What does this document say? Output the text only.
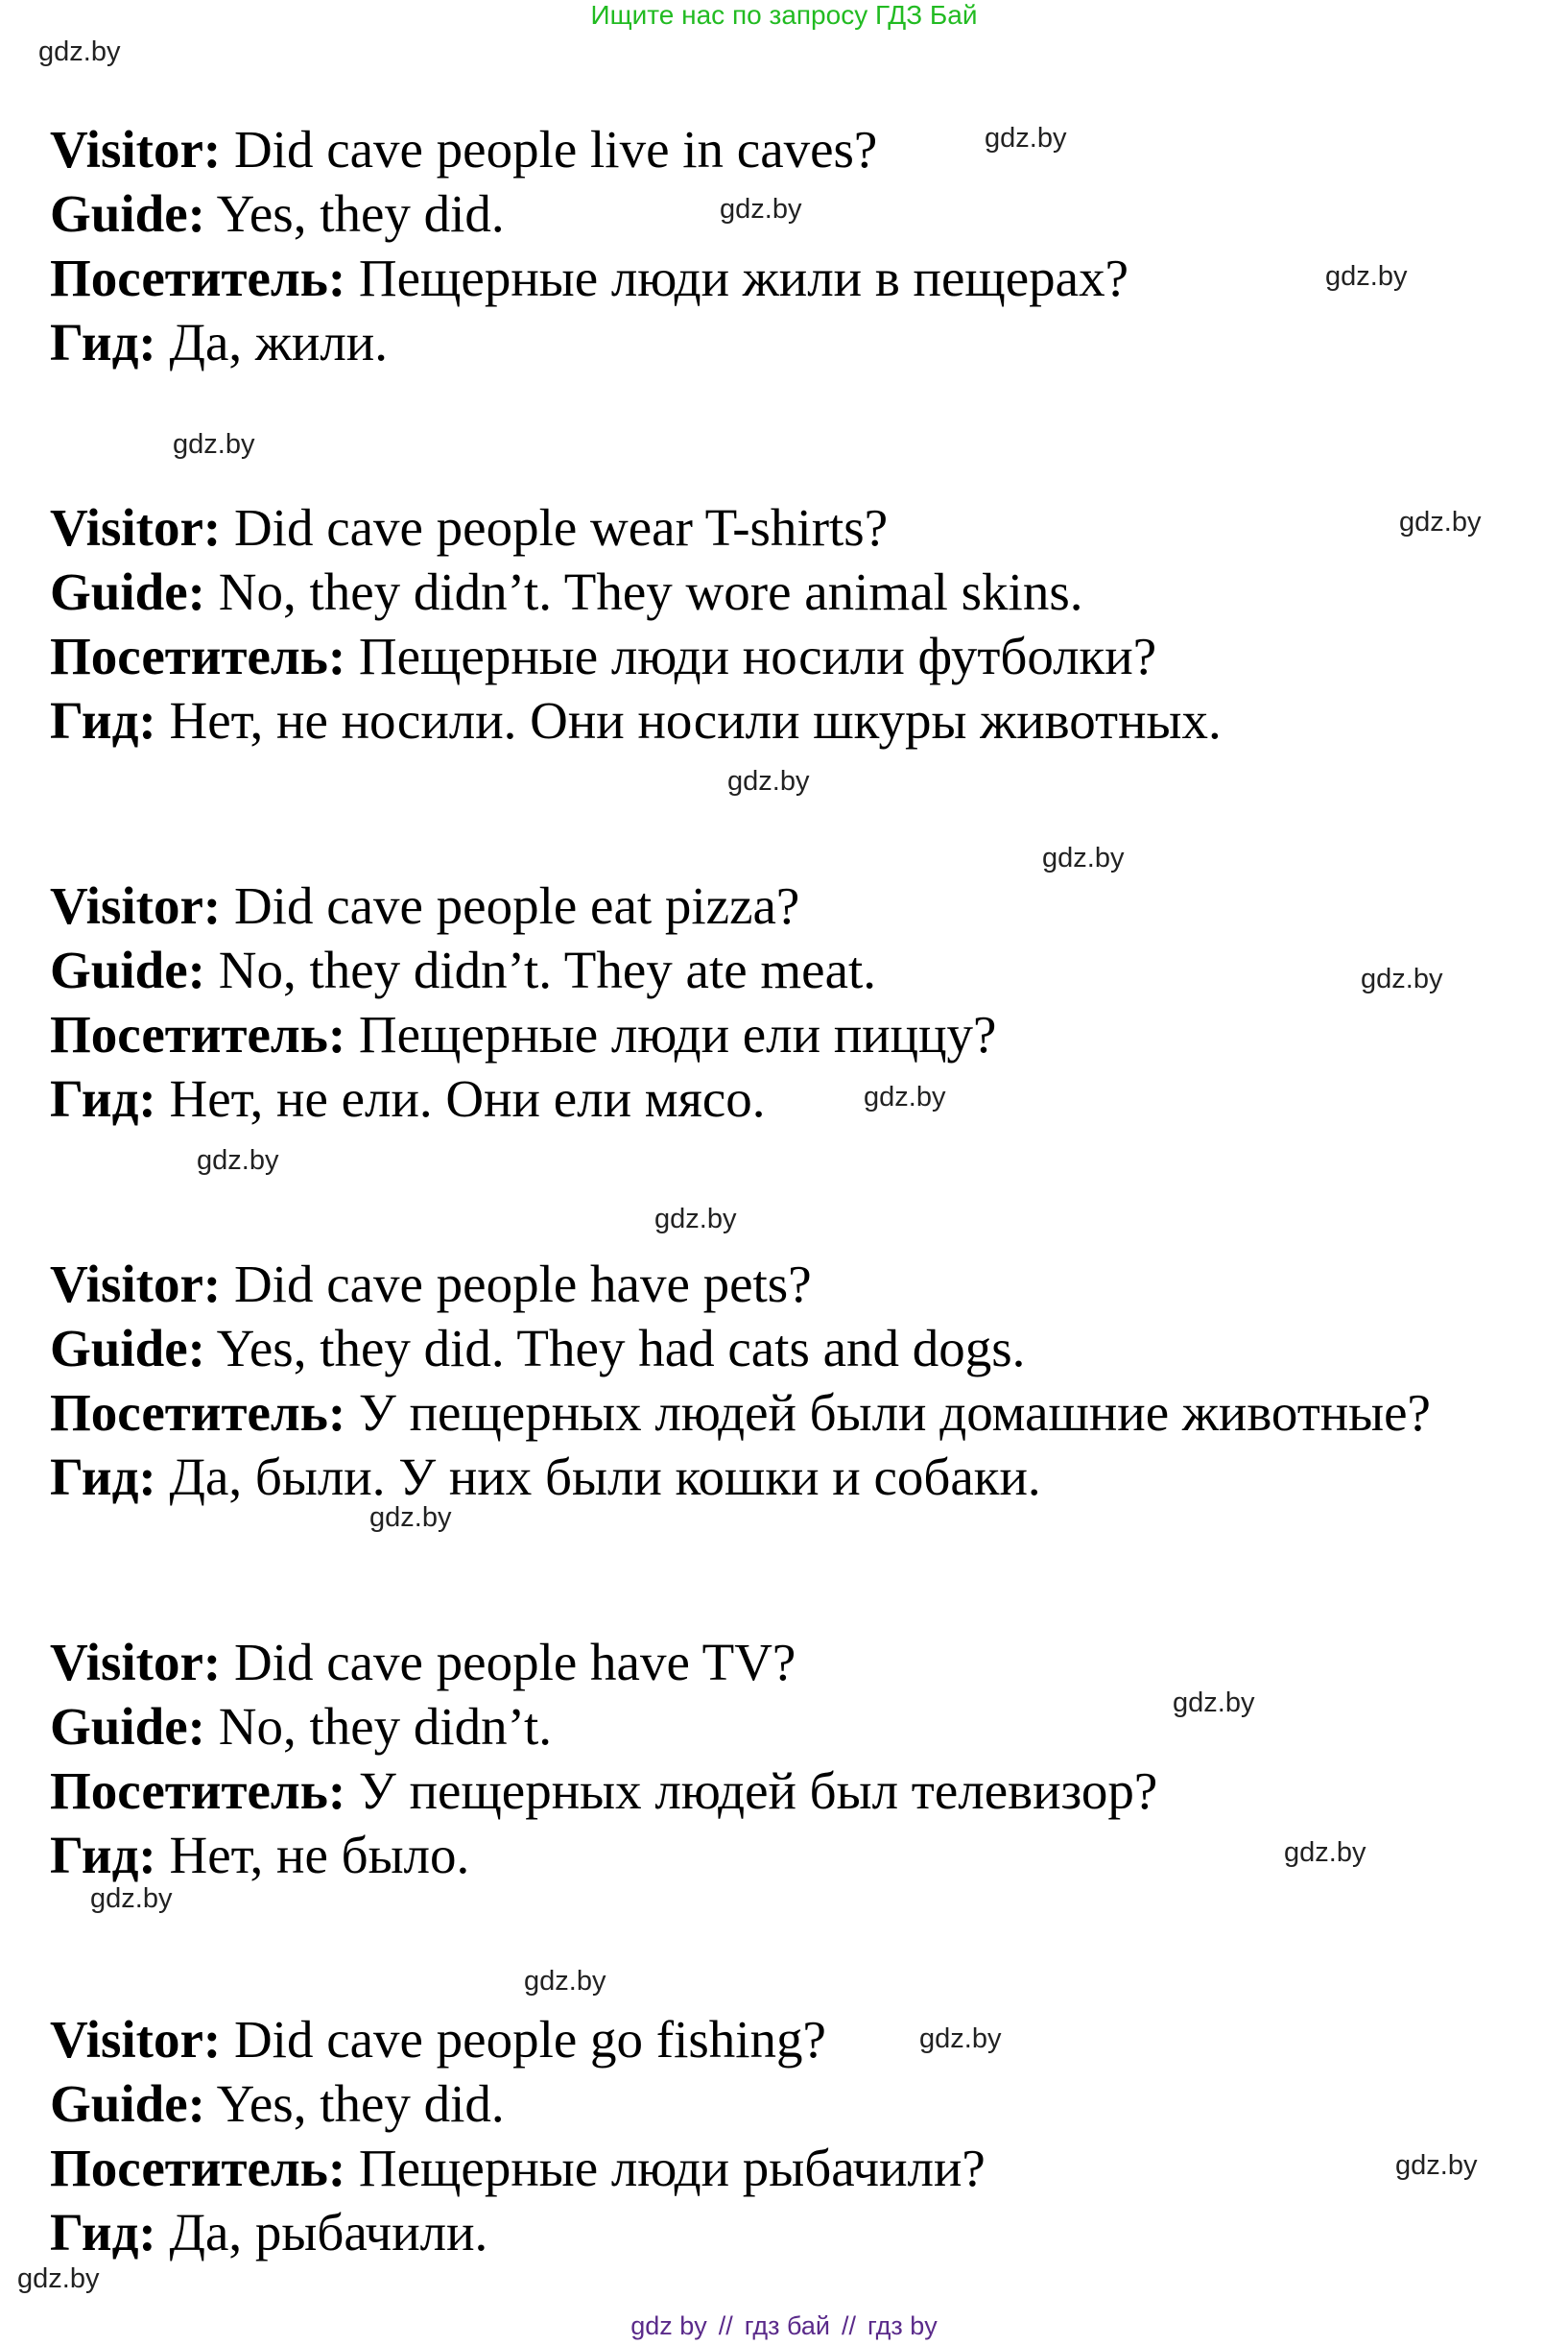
Ищите нас по запросу ГДЗ Бай
gdz.by
gdz.by
gdz.by
gdz.by
gdz.by
gdz.by
gdz.by
gdz.by
gdz.by
gdz.by
gdz.by
gdz.by
gdz.by
gdz.by
gdz.by
gdz.by
gdz.by
gdz.by
gdz.by
gdz.by
Visitor: Did cave people live in caves?
Guide: Yes, they did.
Посетитель: Пещерные люди жили в пещерах?
Гид: Да, жили.
Visitor: Did cave people wear T-shirts?
Guide: No, they didn’t. They wore animal skins.
Посетитель: Пещерные люди носили футболки?
Гид: Нет, не носили. Они носили шкуры животных.
Visitor: Did cave people eat pizza?
Guide: No, they didn’t. They ate meat.
Посетитель: Пещерные люди ели пиццу?
Гид: Нет, не ели. Они ели мясо.
Visitor: Did cave people have pets?
Guide: Yes, they did. They had cats and dogs.
Посетитель: У пещерных людей были домашние животные?
Гид: Да, были. У них были кошки и собаки.
Visitor: Did cave people have TV?
Guide: No, they didn’t.
Посетитель: У пещерных людей был телевизор?
Гид: Нет, не было.
Visitor: Did cave people go fishing?
Guide: Yes, they did.
Посетитель: Пещерные люди рыбачили?
Гид: Да, рыбачили.
gdz by // гдз бай // гдз by
